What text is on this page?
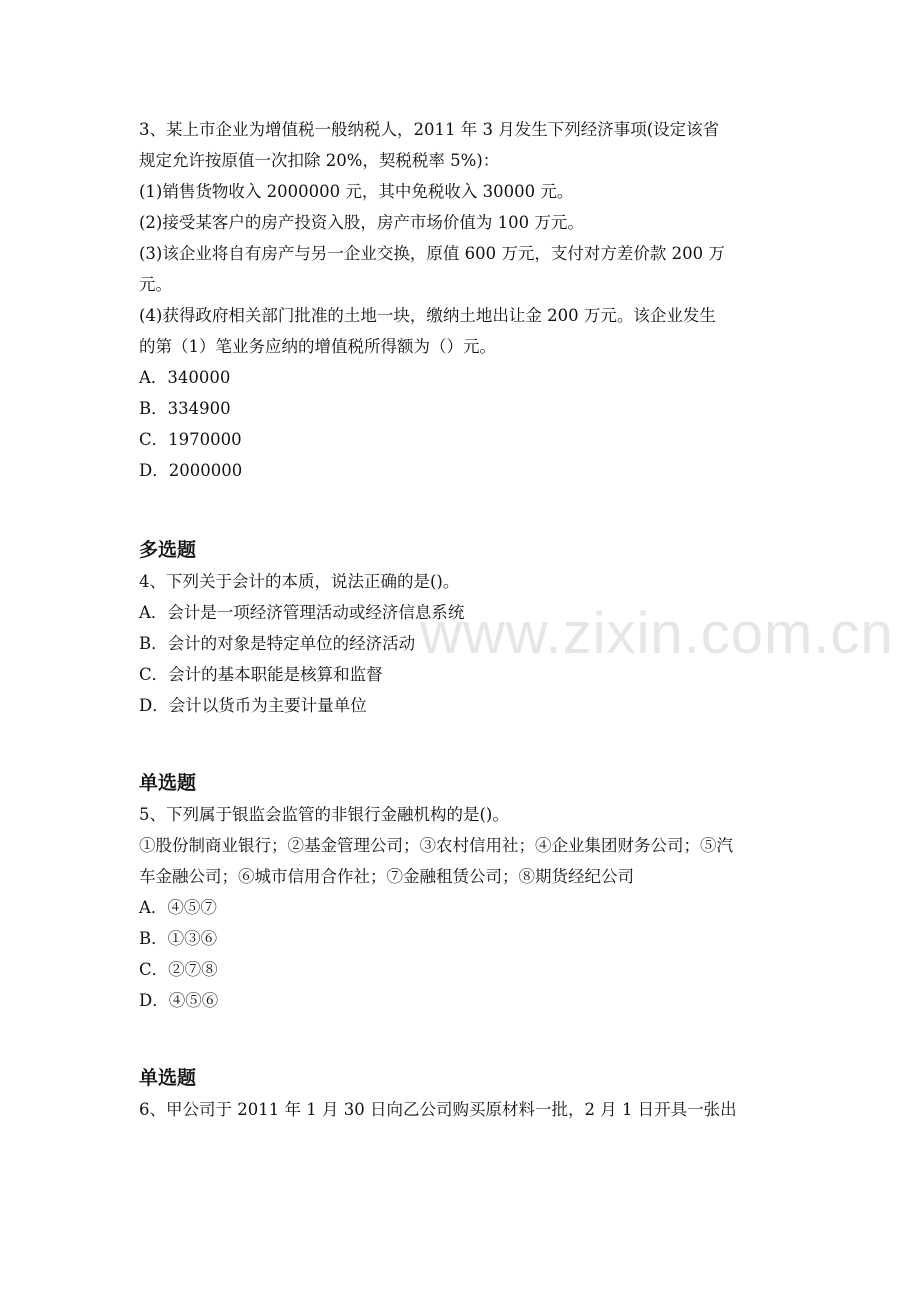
www.zixin.com.cn
3、某上市企业为增值税一般纳税人，2011 年 3 月发生下列经济事项(设定该省
规定允许按原值一次扣除 20%，契税税率 5%)：
(1)销售货物收入 2000000 元，其中免税收入 30000 元。
(2)接受某客户的房产投资入股，房产市场价值为 100 万元。
(3)该企业将自有房产与另一企业交换，原值 600 万元，支付对方差价款 200 万
元。
(4)获得政府相关部门批准的土地一块，缴纳土地出让金 200 万元。该企业发生
的第（1）笔业务应纳的增值税所得额为（）元。
A．340000
B．334900
C．1970000
D．2000000
多选题
4、下列关于会计的本质，说法正确的是()。
A．会计是一项经济管理活动或经济信息系统
B．会计的对象是特定单位的经济活动
C．会计的基本职能是核算和监督
D．会计以货币为主要计量单位
单选题
5、下列属于银监会监管的非银行金融机构的是()。
①股份制商业银行；②基金管理公司；③农村信用社；④企业集团财务公司；⑤汽
车金融公司；⑥城市信用合作社；⑦金融租赁公司；⑧期货经纪公司
A．④⑤⑦
B．①③⑥
C．②⑦⑧
D．④⑤⑥
单选题
6、甲公司于 2011 年 1 月 30 日向乙公司购买原材料一批，2 月 1 日开具一张出
